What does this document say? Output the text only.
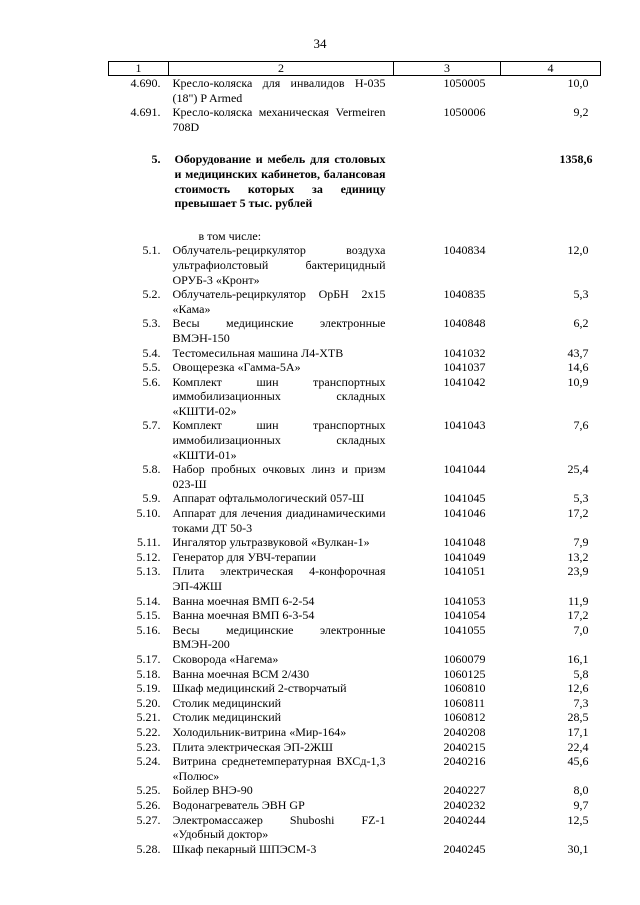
34
1	2	3	4
4.690.	Кресло-коляска для инвалидов Н-035 (18") P Armed	1050005	10,0
4.691.	Кресло-коляска механическая Vermeiren 708D	1050006	9,2
5.	Оборудование и мебель для столовых и медицинских кабинетов, балансовая стоимость которых за единицу превышает 5 тыс. рублей		1358,6
	в том числе:		
5.1.	Облучатель-рециркулятор воздуха ультрафиолстовый бактерицидный ОРУБ-3 «Кронт»	1040834	12,0
5.2.	Облучатель-рециркулятор ОрБН 2х15 «Кама»	1040835	5,3
5.3.	Весы медицинские электронные ВМЭН-150	1040848	6,2
5.4.	Тестомесильная машина Л4-ХТВ	1041032	43,7
5.5.	Овощерезка «Гамма-5А»	1041037	14,6
5.6.	Комплект шин транспортных иммобилизационных складных «КШТИ-02»	1041042	10,9
5.7.	Комплект шин транспортных иммобилизационных складных «КШТИ-01»	1041043	7,6
5.8.	Набор пробных очковых линз и призм 023-Ш	1041044	25,4
5.9.	Аппарат офтальмологический 057-Ш	1041045	5,3
5.10.	Аппарат для лечения диадинамическими токами ДТ 50-3	1041046	17,2
5.11.	Ингалятор ультразвуковой «Вулкан-1»	1041048	7,9
5.12.	Генератор для УВЧ-терапии	1041049	13,2
5.13.	Плита электрическая 4-конфорочная ЭП-4ЖШ	1041051	23,9
5.14.	Ванна моечная ВМП 6-2-54	1041053	11,9
5.15.	Ванна моечная ВМП 6-3-54	1041054	17,2
5.16.	Весы медицинские электронные ВМЭН-200	1041055	7,0
5.17.	Сковорода «Нагема»	1060079	16,1
5.18.	Ванна моечная ВСМ 2/430	1060125	5,8
5.19.	Шкаф медицинский 2-створчатый	1060810	12,6
5.20.	Столик медицинский	1060811	7,3
5.21.	Столик медицинский	1060812	28,5
5.22.	Холодильник-витрина «Мир-164»	2040208	17,1
5.23.	Плита электрическая ЭП-2ЖШ	2040215	22,4
5.24.	Витрина среднетемпературная ВХСд-1,3 «Полюс»	2040216	45,6
5.25.	Бойлер ВНЭ-90	2040227	8,0
5.26.	Водонагреватель ЭВН GP	2040232	9,7
5.27.	Электромассажер Shuboshi FZ-1 «Удобный доктор»	2040244	12,5
5.28.	Шкаф пекарный ШПЭСМ-3	2040245	30,1
